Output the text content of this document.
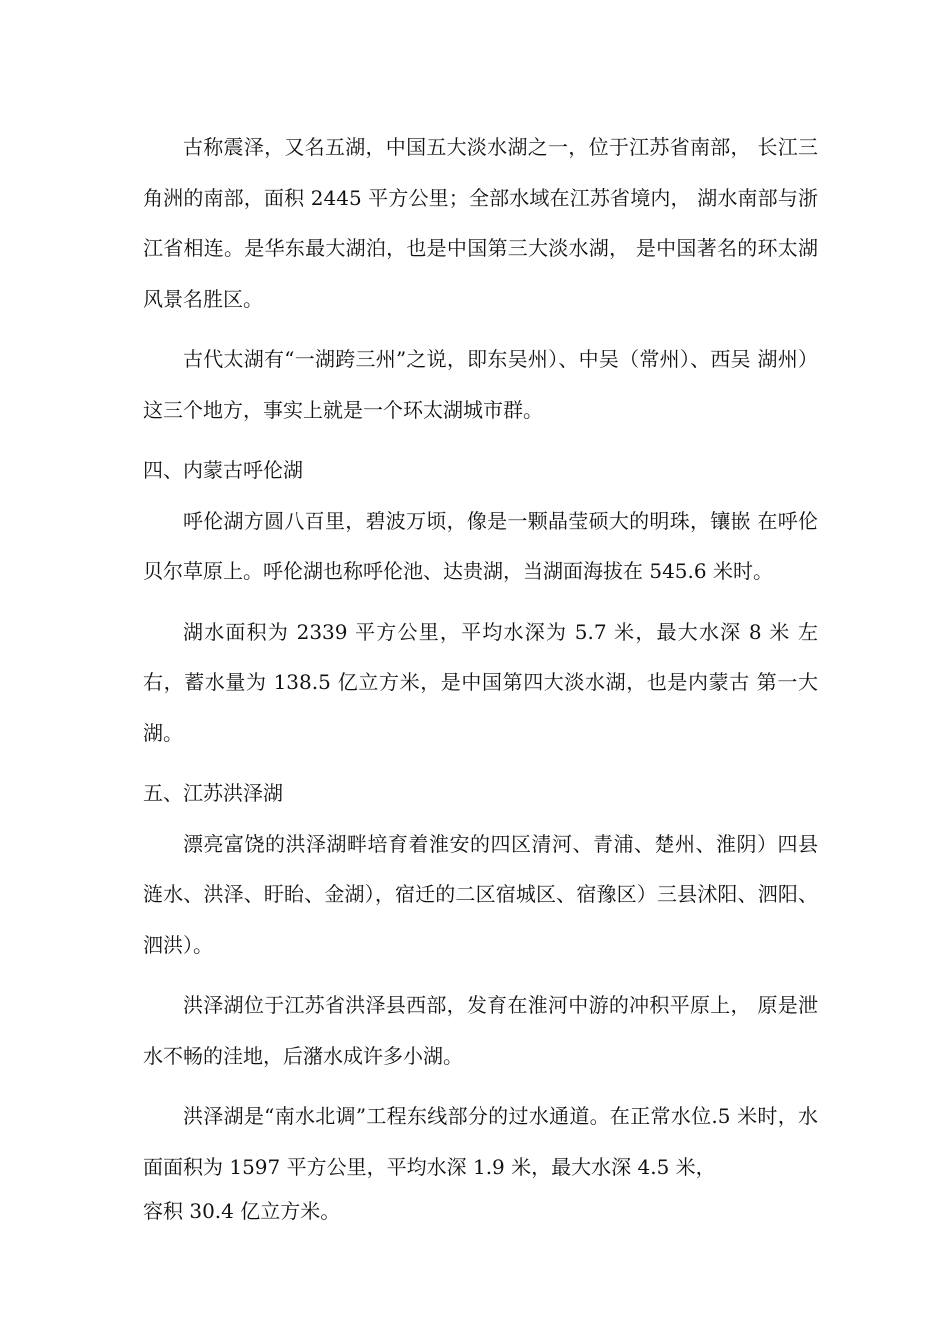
古称震泽，又名五湖，中国五大淡水湖之一，位于江苏省南部， 长江三角洲的南部，面积 2445 平方公里；全部水域在江苏省境内， 湖水南部与浙江省相连。是华东最大湖泊，也是中国第三大淡水湖， 是中国著名的环太湖风景名胜区。

古代太湖有“一湖跨三州”之说，即东吴州）、中吴（常州）、西吴 湖州）这三个地方，事实上就是一个环太湖城市群。

四、内蒙古呼伦湖

呼伦湖方圆八百里，碧波万顷，像是一颗晶莹硕大的明珠，镶嵌 在呼伦贝尔草原上。呼伦湖也称呼伦池、达贵湖，当湖面海拔在 545.6 米时。

湖水面积为 2339 平方公里，平均水深为 5.7 米，最大水深 8 米 左右，蓄水量为 138.5 亿立方米，是中国第四大淡水湖，也是内蒙古 第一大湖。

五、江苏洪泽湖

漂亮富饶的洪泽湖畔培育着淮安的四区清河、青浦、楚州、淮阴）四县涟水、洪泽、盱眙、金湖），宿迁的二区宿城区、宿豫区）三县沭阳、泗阳、泗洪）。

洪泽湖位于江苏省洪泽县西部，发育在淮河中游的冲积平原上， 原是泄水不畅的洼地，后潴水成许多小湖。

洪泽湖是“南水北调”工程东线部分的过水通道。在正常水位.5 米时，水面面积为 1597 平方公里，平均水深 1.9 米，最大水深 4.5 米，
容积 30.4 亿立方米。
